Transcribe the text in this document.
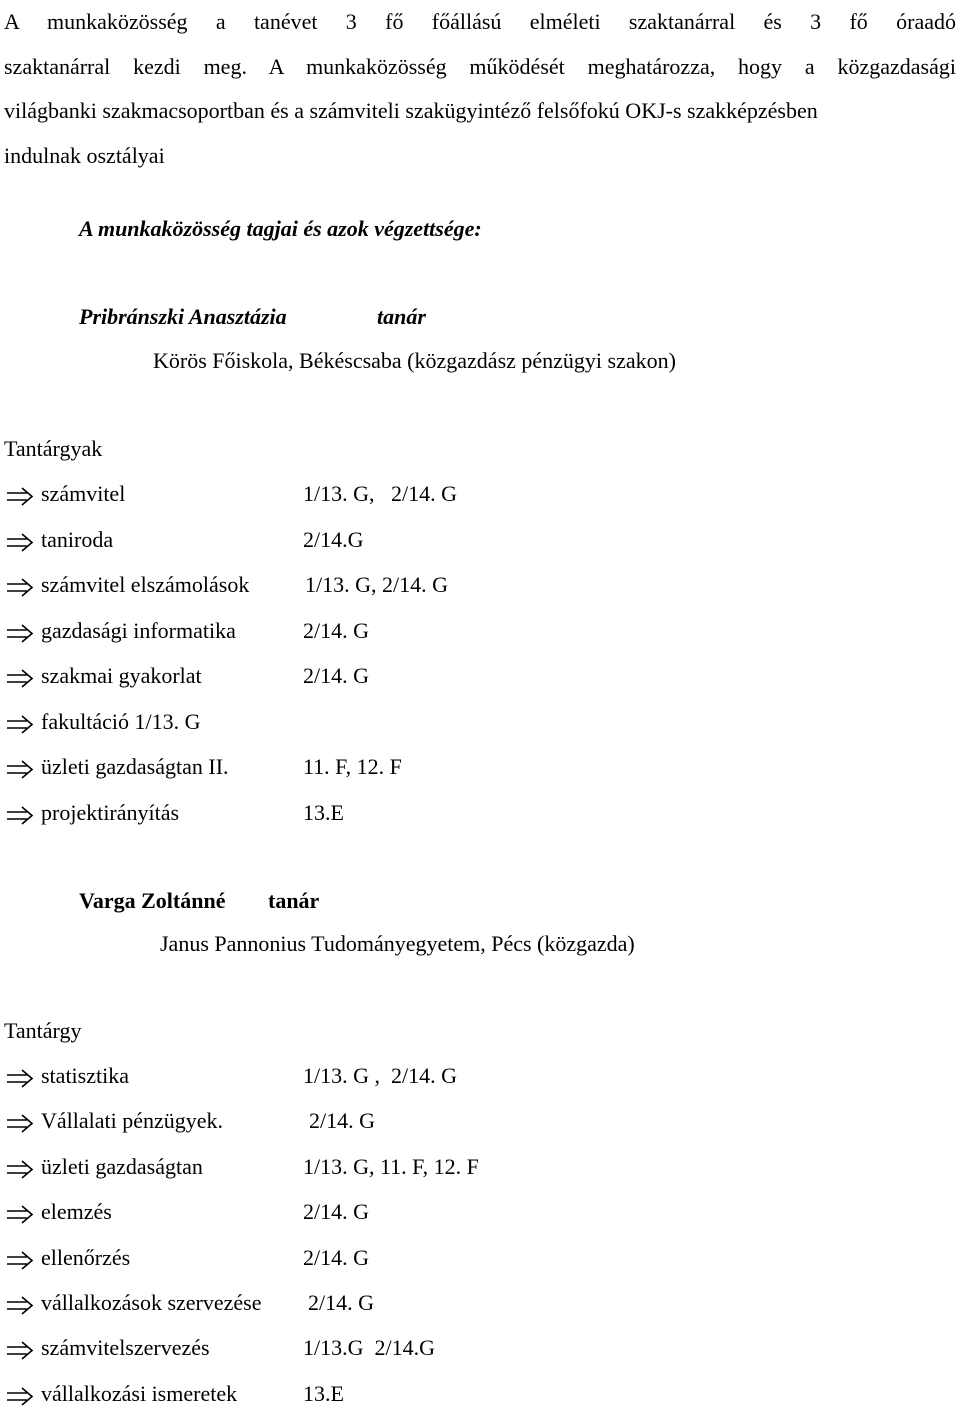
A munkaközösség a tanévet 3 fő főállású elméleti szaktanárral és 3 fő óraadó
szaktanárral kezdi meg. A munkaközösség működését meghatározza, hogy a közgazdasági
világbanki szakmacsoportban és a számviteli szakügyintéző felsőfokú OKJ-s szakképzésben
indulnak osztályai
A munkaközösség tagjai és azok végzettsége:
Pribránszki Anasztázia	tanár
Körös Főiskola, Békéscsaba (közgazdász pénzügyi szakon)
Tantárgyak
számvitel	1/13. G,   2/14. G
taniroda	2/14.G
számvitel elszámolások	1/13. G, 2/14. G
gazdasági informatika	2/14. G
szakmai gyakorlat	2/14. G
fakultáció 1/13. G
üzleti gazdaságtan II.	11. F, 12. F
projektirányítás	13.E
Varga Zoltánné tanár
Janus Pannonius Tudományegyetem, Pécs (közgazda)
Tantárgy
statisztika	1/13. G ,  2/14. G
Vállalati pénzügyek.	2/14. G
üzleti gazdaságtan	1/13. G, 11. F, 12. F
elemzés	2/14. G
ellenőrzés	2/14. G
vállalkozások szervezése 2/14. G
számvitelszervezés	1/13.G  2/14.G
vállalkozási ismeretek	13.E
